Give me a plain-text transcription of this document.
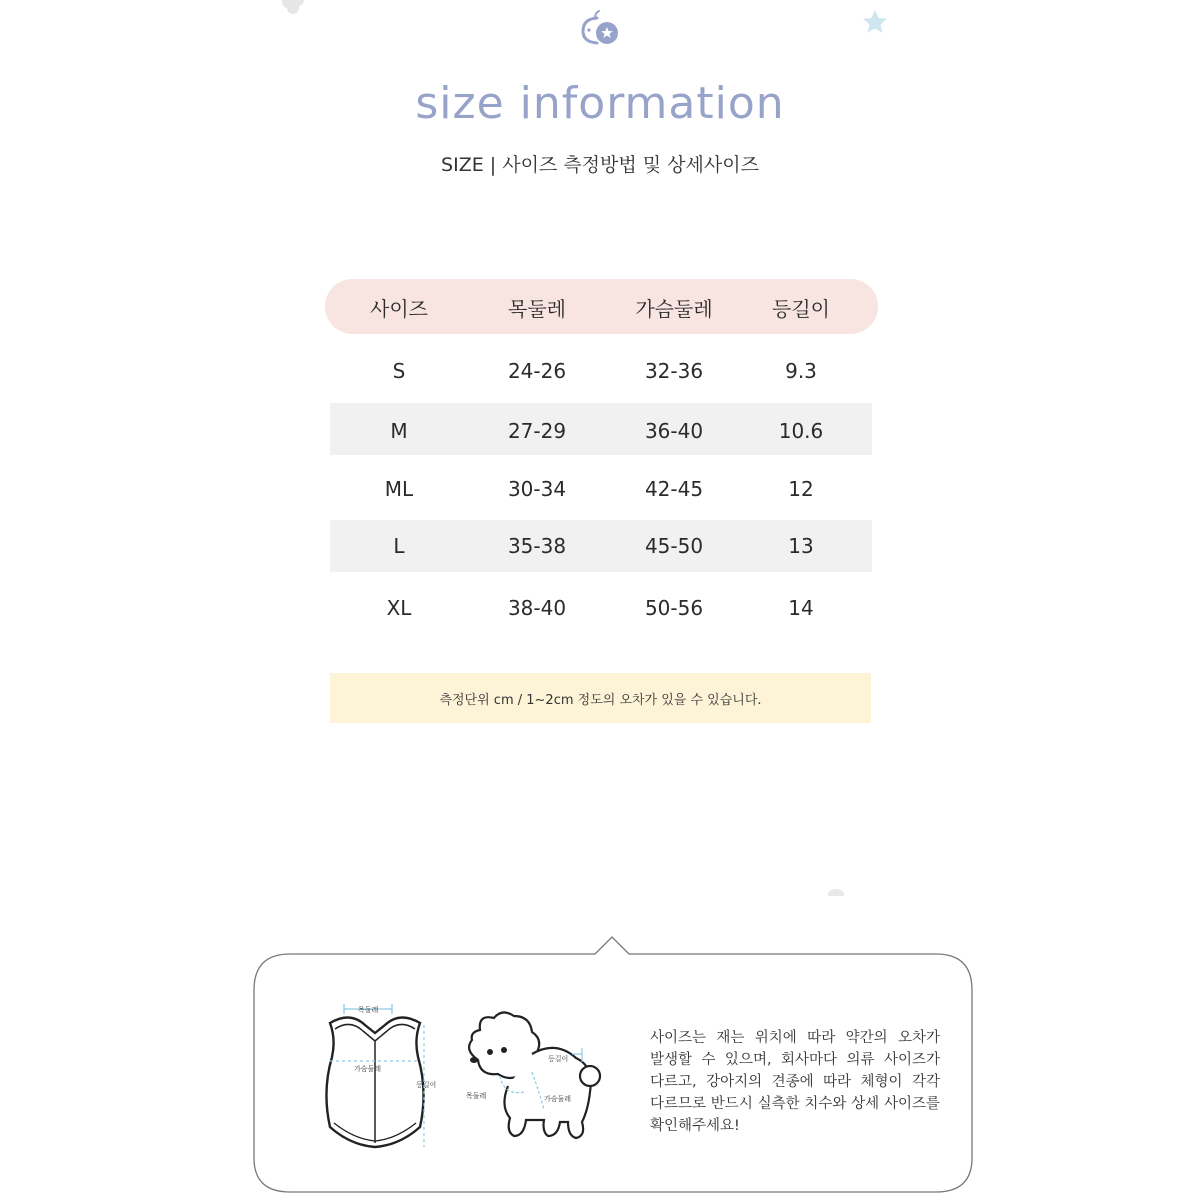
size information
SIZE | 사이즈 측정방법 및 상세사이즈
사이즈	목둘레	가슴둘레	등길이
S	24-26	32-36	9.3
M	27-29	36-40	10.6
ML	30-34	42-45	12
L	35-38	45-50	13
XL	38-40	50-56	14
측정단위 cm / 1~2cm 정도의 오차가 있을 수 있습니다.
목둘레
가슴둘레
등길이
등길이
목둘레	가슴둘레
사이즈는 재는 위치에 따라 약간의 오차가 발생할 수 있으며, 회사마다 의류 사이즈가 다르고, 강아지의 견종에 따라 체형이 각각 다르므로 반드시 실측한 치수와 상세 사이즈를 확인해주세요!
